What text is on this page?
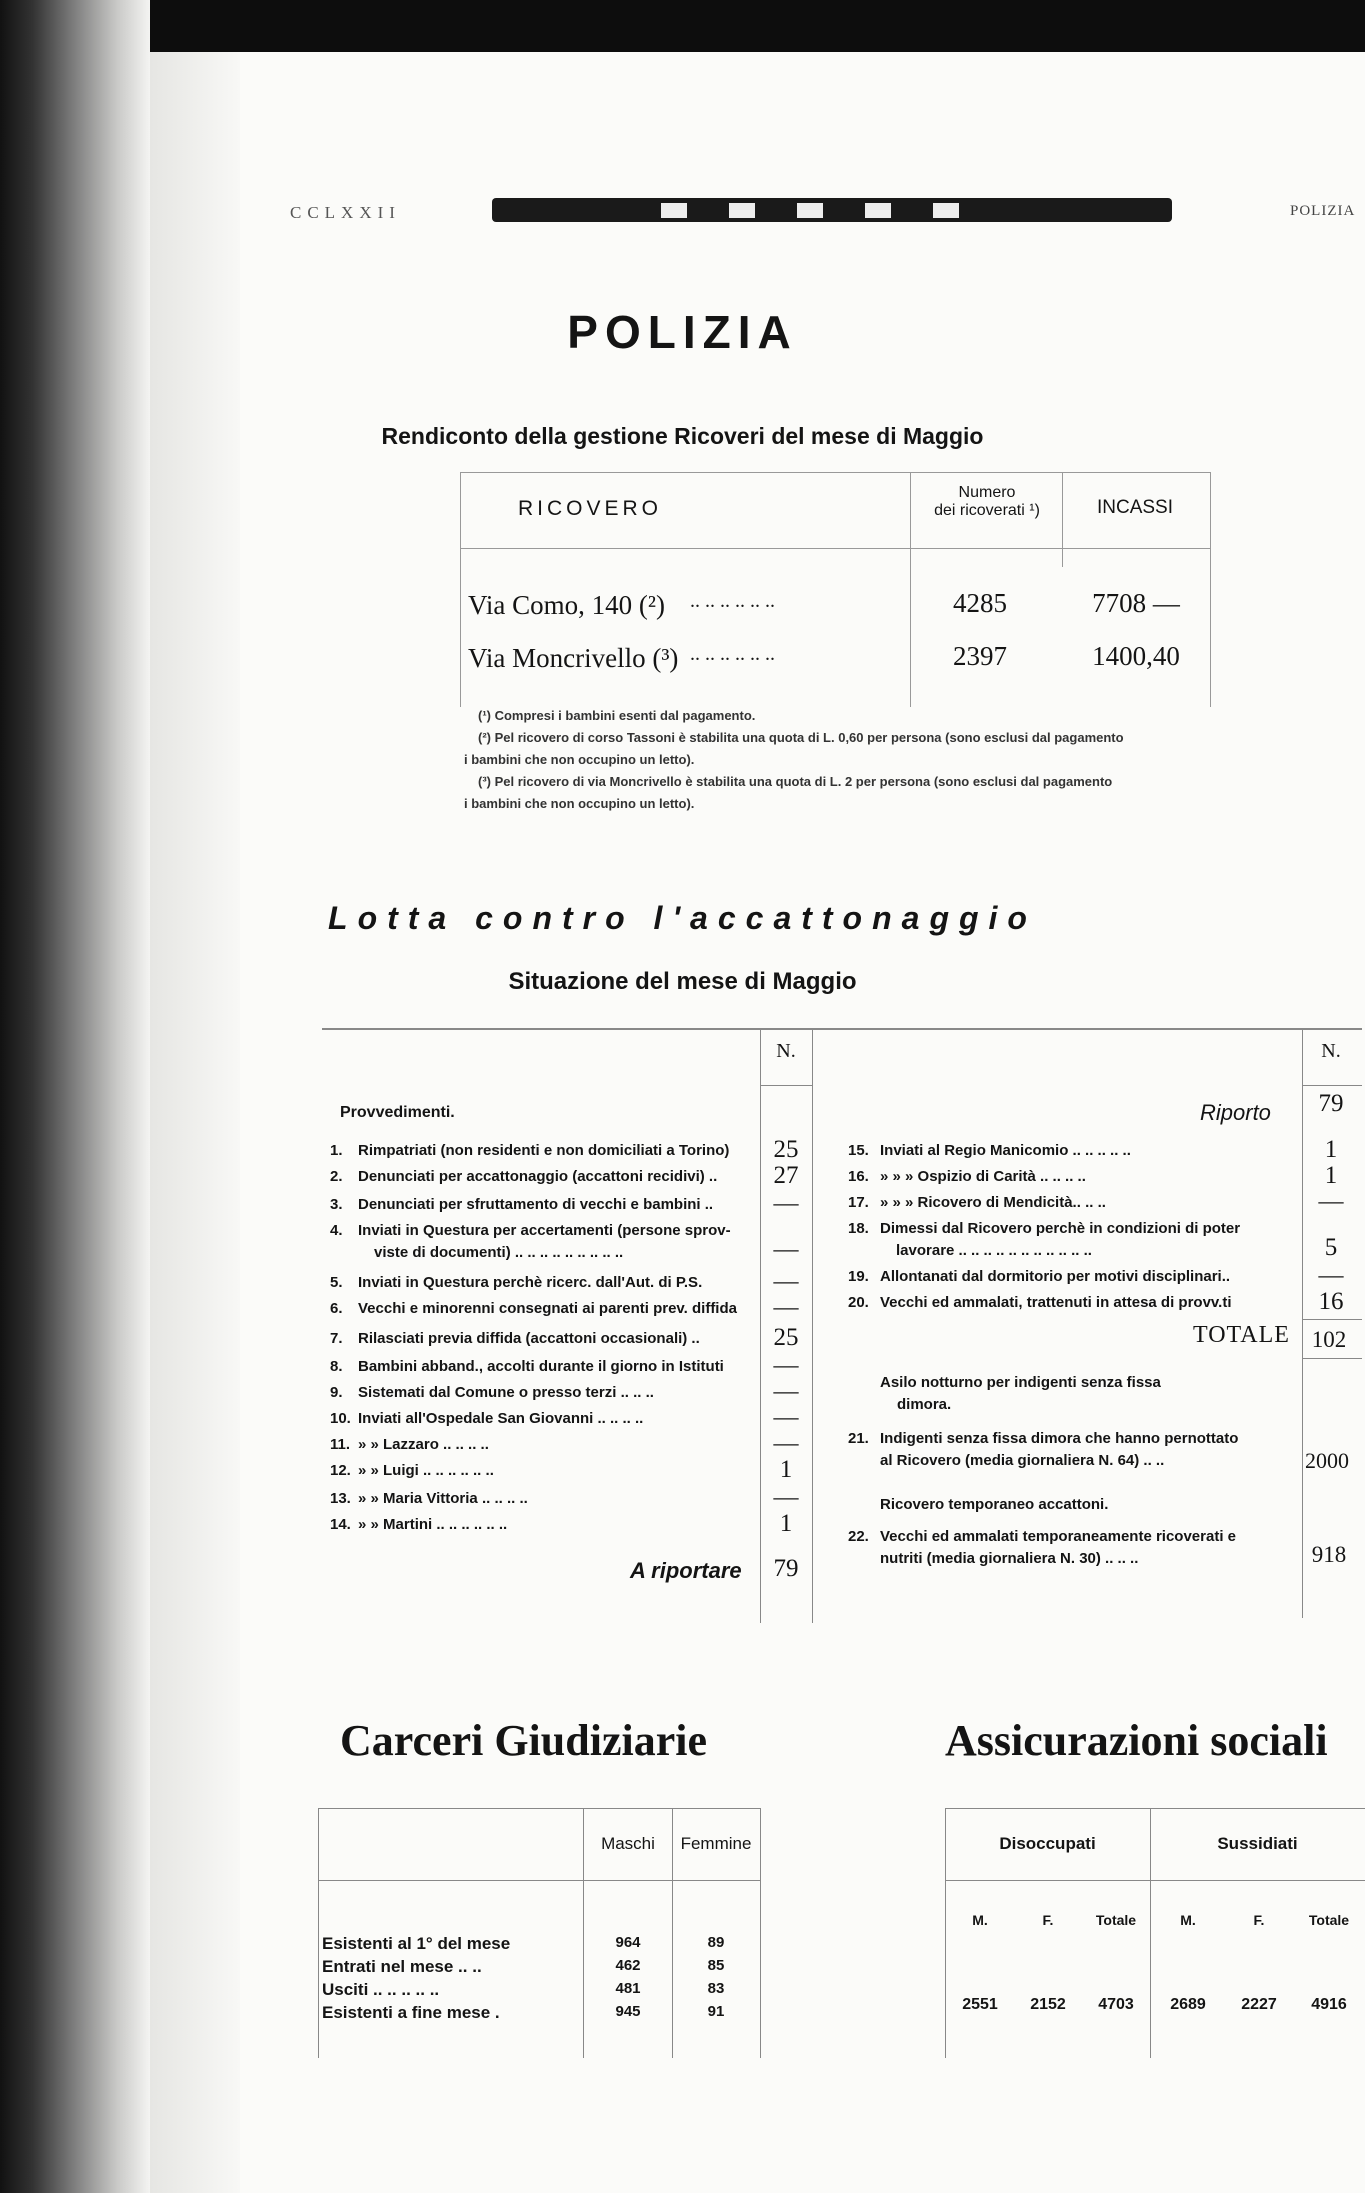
CCLXXII	POLIZIA
POLIZIA
Rendiconto della gestione Ricoveri del mese di Maggio
RICOVERO
Numero
dei ricoverati ¹)	INCASSI
Via Como, 140 (²) .. .. .. .. .. ..	4285	7708 —
Via Moncrivello (³) .. .. .. .. .. ..	2397	1400,40
(¹) Compresi i bambini esenti dal pagamento.
(²) Pel ricovero di corso Tassoni è stabilita una quota di L. 0,60 per persona (sono esclusi dal pagamento
i bambini che non occupino un letto).
(³) Pel ricovero di via Moncrivello è stabilita una quota di L. 2 per persona (sono esclusi dal pagamento
i bambini che non occupino un letto).
Lotta contro l'accattonaggio
Situazione del mese di Maggio
N.	N.
Provvedimenti.
1. Rimpatriati (non residenti e non domiciliati a Torino)	25
2. Denunciati per accattonaggio (accattoni recidivi) ..	27
3. Denunciati per sfruttamento di vecchi e bambini ..	—
4. Inviati in Questura per accertamenti (persone sprov-
viste di documenti) .. .. .. .. .. .. .. .. ..	—
5. Inviati in Questura perchè ricerc. dall'Aut. di P.S.	—
6. Vecchi e minorenni consegnati ai parenti prev. diffida	—
7. Rilasciati previa diffida (accattoni occasionali) ..	25
8. Bambini abband., accolti durante il giorno in Istituti	—
9. Sistemati dal Comune o presso terzi .. .. ..	—
10. Inviati all'Ospedale San Giovanni .. .. .. ..	—
11. » » Lazzaro .. .. .. ..	—
12. » » Luigi .. .. .. .. .. ..	1
13. » » Maria Vittoria .. .. .. ..	—
14. » » Martini .. .. .. .. .. ..	1
A riportare	79
Riporto	79
15. Inviati al Regio Manicomio .. .. .. .. ..	1
16. » » » Ospizio di Carità .. .. .. ..	1
17. » » » Ricovero di Mendicità.. .. ..	—
18. Dimessi dal Ricovero perchè in condizioni di poter
lavorare .. .. .. .. .. .. .. .. .. .. ..	5
19. Allontanati dal dormitorio per motivi disciplinari..	—
20. Vecchi ed ammalati, trattenuti in attesa di provv.ti	16
TOTALE 102
Asilo notturno per indigenti senza fissa
dimora.
21. Indigenti senza fissa dimora che hanno pernottato
al Ricovero (media giornaliera N. 64) .. ..	2000
Ricovero temporaneo accattoni.
22. Vecchi ed ammalati temporaneamente ricoverati e
nutriti (media giornaliera N. 30) .. .. ..	918
Carceri Giudiziarie
Maschi	Femmine
Esistenti al 1° del mese	964	89
Entrati nel mese .. ..	462	85
Usciti .. .. .. .. ..	481	83
Esistenti a fine mese .	945	91
Assicurazioni sociali
Disoccupati	Sussidiati
M.	F.	Totale	M.	F.	Totale
2551	2152	4703	2689	2227	4916
